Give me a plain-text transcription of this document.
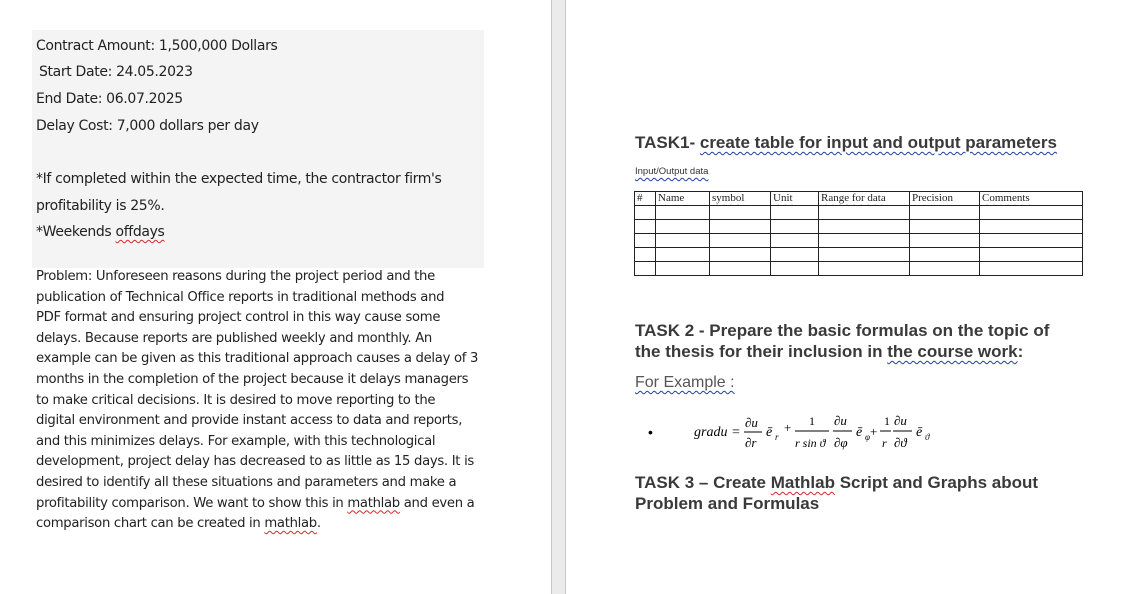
Contract Amount: 1,500,000 Dollars
Start Date: 24.05.2023
End Date: 06.07.2025
Delay Cost: 7,000 dollars per day
*If completed within the expected time, the contractor firm's
profitability is 25%.
*Weekends offdays
Problem: Unforeseen reasons during the project period and the
publication of Technical Office reports in traditional methods and
PDF format and ensuring project control in this way cause some
delays. Because reports are published weekly and monthly. An
example can be given as this traditional approach causes a delay of 3
months in the completion of the project because it delays managers
to make critical decisions. It is desired to move reporting to the
digital environment and provide instant access to data and reports,
and this minimizes delays. For example, with this technological
development, project delay has decreased to as little as 15 days. It is
desired to identify all these situations and parameters and make a
profitability comparison. We want to show this in mathlab and even a
comparison chart can be created in mathlab.
TASK1- create table for input and output parameters
Input/Output data
#	Name	symbol	Unit	Range for data	Precision	Comments

TASK 2 - Prepare the basic formulas on the topic of
the thesis for their inclusion in the course work:
For Example :
•	gradu =
∂u
∂r
ē r
+ 1
r sin ϑ
∂u
∂φ
ē φ +
1
r
∂u
∂ϑ
ē ϑ
TASK 3 – Create Mathlab Script and Graphs about
Problem and Formulas
